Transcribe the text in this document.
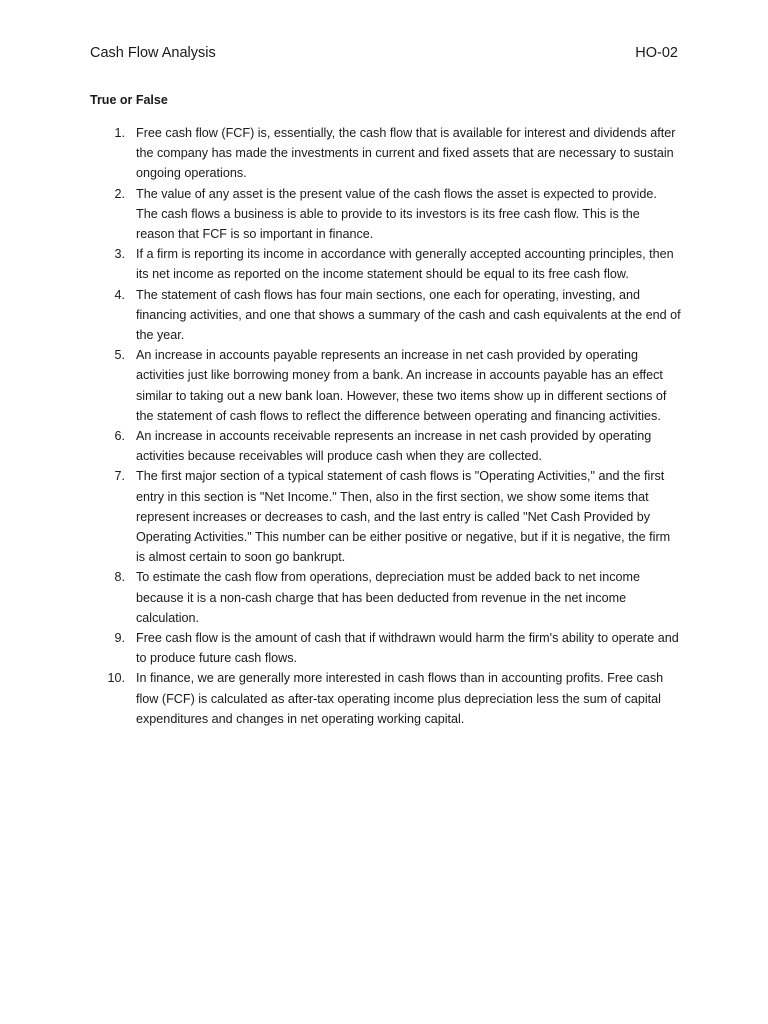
Cash Flow Analysis	HO-02
True or False
1. Free cash flow (FCF) is, essentially, the cash flow that is available for interest and dividends after the company has made the investments in current and fixed assets that are necessary to sustain ongoing operations.
2. The value of any asset is the present value of the cash flows the asset is expected to provide. The cash flows a business is able to provide to its investors is its free cash flow. This is the reason that FCF is so important in finance.
3. If a firm is reporting its income in accordance with generally accepted accounting principles, then its net income as reported on the income statement should be equal to its free cash flow.
4. The statement of cash flows has four main sections, one each for operating, investing, and financing activities, and one that shows a summary of the cash and cash equivalents at the end of the year.
5. An increase in accounts payable represents an increase in net cash provided by operating activities just like borrowing money from a bank. An increase in accounts payable has an effect similar to taking out a new bank loan. However, these two items show up in different sections of the statement of cash flows to reflect the difference between operating and financing activities.
6. An increase in accounts receivable represents an increase in net cash provided by operating activities because receivables will produce cash when they are collected.
7. The first major section of a typical statement of cash flows is "Operating Activities," and the first entry in this section is "Net Income." Then, also in the first section, we show some items that represent increases or decreases to cash, and the last entry is called "Net Cash Provided by Operating Activities." This number can be either positive or negative, but if it is negative, the firm is almost certain to soon go bankrupt.
8. To estimate the cash flow from operations, depreciation must be added back to net income because it is a non-cash charge that has been deducted from revenue in the net income calculation.
9. Free cash flow is the amount of cash that if withdrawn would harm the firm's ability to operate and to produce future cash flows.
10. In finance, we are generally more interested in cash flows than in accounting profits. Free cash flow (FCF) is calculated as after-tax operating income plus depreciation less the sum of capital expenditures and changes in net operating working capital.
